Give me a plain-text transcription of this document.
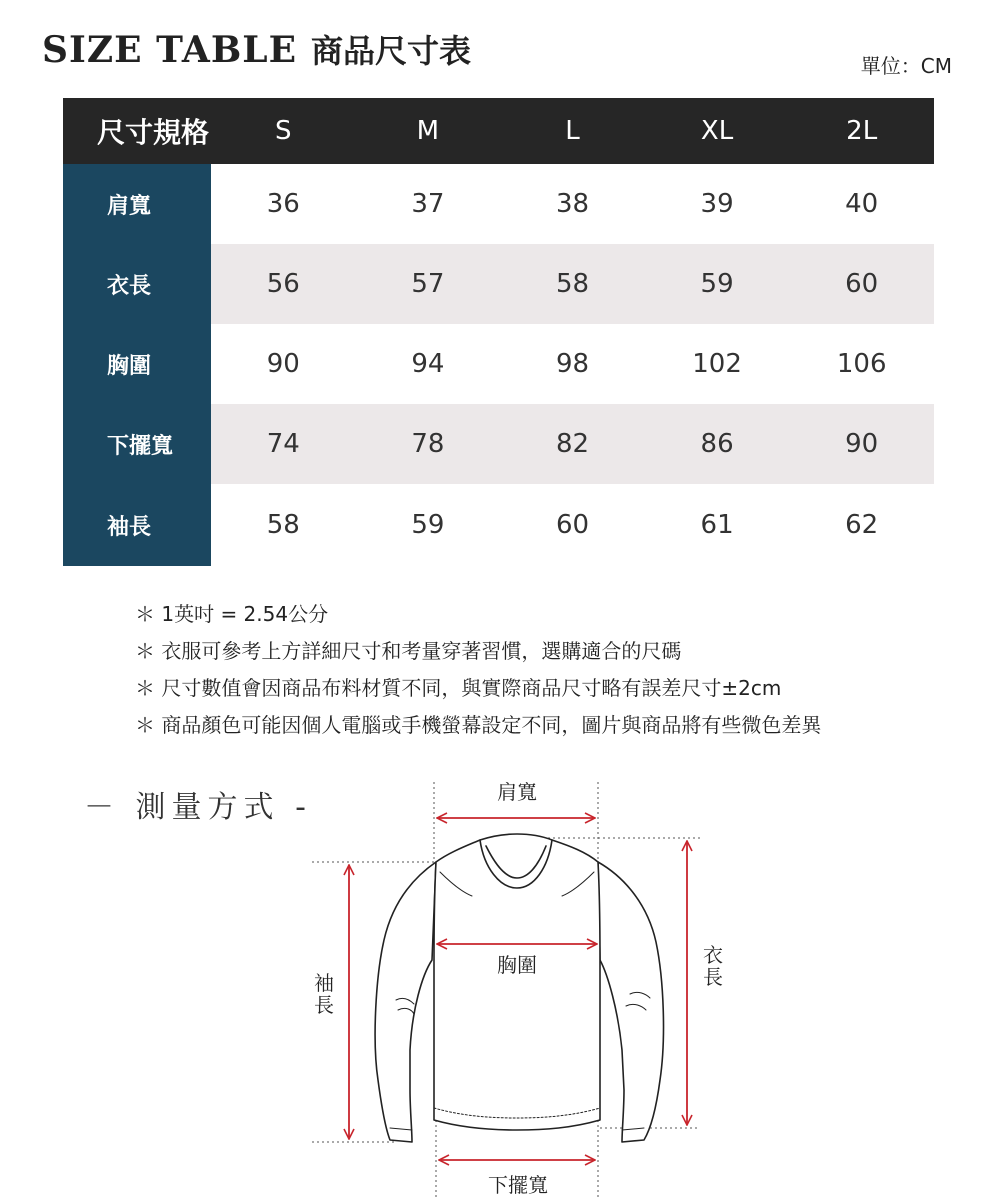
SIZE TABLE 商品尺寸表	單位：CM
尺寸規格	S	M	L	XL	2L
肩寬	36	37	38	39	40
衣長	56	57	58	59	60
胸圍	90	94	98	102	106
下擺寬	74	78	82	86	90
袖長	58	59	60	61	62
＊ 1英吋 = 2.54公分
＊ 衣服可參考上方詳細尺寸和考量穿著習慣，選購適合的尺碼
＊ 尺寸數值會因商品布料材質不同，與實際商品尺寸略有誤差尺寸±2cm
＊ 商品顏色可能因個人電腦或手機螢幕設定不同，圖片與商品將有些微色差異
－ 測量方式 -	肩寬
胸圍
下擺寬
袖
長
衣
長
